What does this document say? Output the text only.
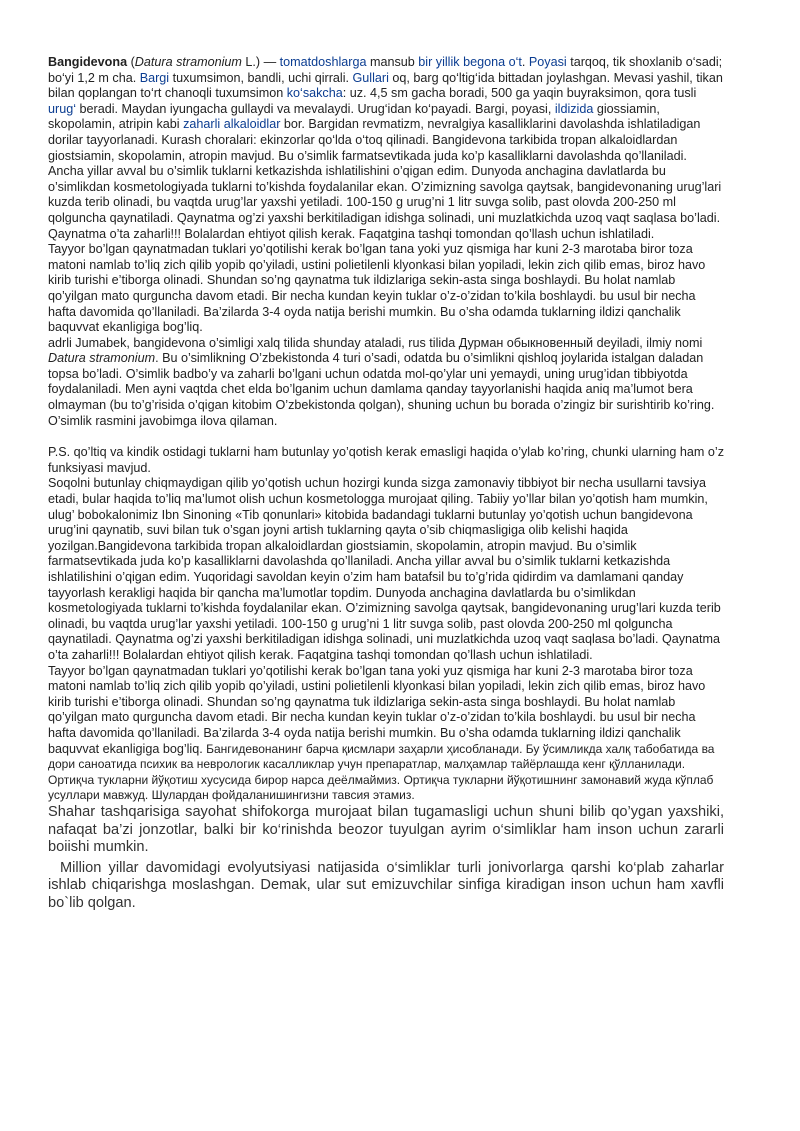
Bangidevona (Datura stramonium L.) — tomatdoshlarga mansub bir yillik begona o‘t. Poyasi tarqoq, tik shoxlanib o‘sadi; bo‘yi 1,2 m cha. Bargi tuxumsimon, bandli, uchi qirrali. Gullari oq, barg qo‘ltig‘ida bittadan joylashgan. Mevasi yashil, tikan bilan qoplangan to‘rt chanoqli tuxumsimon ko‘sakcha: uz. 4,5 sm gacha boradi, 500 ga yaqin buyraksimon, qora tusli urug‘ beradi. Maydan iyungacha gullaydi va mevalaydi. Urug‘idan ko‘payadi. Bargi, poyasi, ildizida giossiamin, skopolamin, atripin kabi zaharli alkaloidlar bor. Bargidan revmatizm, nevralgiya kasalliklarini davolashda ishlatiladigan dorilar tayyorlanadi. Kurash choralari: ekinzorlar qo‘lda o‘toq qilinadi. Bangidevona tarkibida tropan alkaloidlardan giostsiamin, skopolamin, atropin mavjud. Bu o’simlik farmatsevtikada juda ko’p kasalliklarni davolashda qo’llaniladi. Ancha yillar avval bu o’simlik tuklarni ketkazishda ishlatilishini o’qigan edim. Dunyoda anchagina davlatlarda bu o’simlikdan kosmetologiyada tuklarni to’kishda foydalanilar ekan. O’zimizning savolga qaytsak, bangidevonaning urug’lari kuzda terib olinadi, bu vaqtda urug’lar yaxshi yetiladi. 100-150 g urug’ni 1 litr suvga solib, past olovda 200-250 ml qolguncha qaynatiladi. Qaynatma og’zi yaxshi berkitiladigan idishga solinadi, uni muzlatkichda uzoq vaqt saqlasa bo’ladi. Qaynatma o’ta zaharli!!! Bolalardan ehtiyot qilish kerak. Faqatgina tashqi tomondan qo’llash uchun ishlatiladi.

Tayyor bo’lgan qaynatmadan tuklari yo’qotilishi kerak bo’lgan tana yoki yuz qismiga har kuni 2-3 marotaba biror toza matoni namlab to’liq zich qilib yopib qo’yiladi, ustini polietilenli klyonkasi bilan yopiladi, lekin zich qilib emas, biroz havo kirib turishi e’tiborga olinadi. Shundan so’ng qaynatma tuk ildizlariga sekin-asta singa boshlaydi. Bu holat namlab qo’yilgan mato qurguncha davom etadi. Bir necha kundan keyin tuklar o’z-o’zidan to’kila boshlaydi. bu usul bir necha hafta davomida qo’llaniladi. Ba’zilarda 3-4 oyda natija berishi mumkin. Bu o’sha odamda tuklarning ildizi qanchalik baquvvat ekanligiga bog’liq.

adrli Jumabek, bangidevona o’simligi xalq tilida shunday ataladi, rus tilida Дурман обыкновенный deyiladi, ilmiy nomi Datura stramonium. Bu o’simlikning O’zbekistonda 4 turi o’sadi, odatda bu o’simlikni qishloq joylarida istalgan daladan topsa bo’ladi. O’simlik badbo’y va zaharli bo’lgani uchun odatda mol-qo’ylar uni yemaydi, uning urug’idan tibbiyotda foydalaniladi. Men ayni vaqtda chet elda bo’lganim uchun damlama qanday tayyorlanishi haqida aniq ma’lumot bera olmayman (bu to’g’risida o’qigan kitobim O’zbekistonda qolgan), shuning uchun bu borada o’zingiz bir surishtirib ko’ring. O’simlik rasmini javobimga ilova qilaman.

P.S. qo’ltiq va kindik ostidagi tuklarni ham butunlay yo’qotish kerak emasligi haqida o’ylab ko’ring, chunki ularning ham o’z funksiyasi mavjud.

Soqolni butunlay chiqmaydigan qilib yo’qotish uchun hozirgi kunda sizga zamonaviy tibbiyot bir necha usullarni tavsiya etadi, bular haqida to’liq ma’lumot olish uchun kosmetologga murojaat qiling. Tabiiy yo’llar bilan yo’qotish ham mumkin, ulug’ bobokalonimiz Ibn Sinoning «Tib qonunlari» kitobida badandagi tuklarni butunlay yo’qotish uchun bangidevona urug’ini qaynatib, suvi bilan tuk o’sgan joyni artish tuklarning qayta o’sib chiqmasligiga olib kelishi haqida yozilgan.Bangidevona tarkibida tropan alkaloidlardan giostsiamin, skopolamin, atropin mavjud. Bu o’simlik farmatsevtikada juda ko’p kasalliklarni davolashda qo’llaniladi. Ancha yillar avval bu o’simlik tuklarni ketkazishda ishlatilishini o’qigan edim. Yuqoridagi savoldan keyin o’zim ham batafsil bu to’g’rida qidirdim va damlamani qanday tayyorlash kerakligi haqida bir qancha ma’lumotlar topdim. Dunyoda anchagina davlatlarda bu o’simlikdan kosmetologiyada tuklarni to’kishda foydalanilar ekan. O’zimizning savolga qaytsak, bangidevonaning urug’lari kuzda terib olinadi, bu vaqtda urug’lar yaxshi yetiladi. 100-150 g urug’ni 1 litr suvga solib, past olovda 200-250 ml qolguncha qaynatiladi. Qaynatma og’zi yaxshi berkitiladigan idishga solinadi, uni muzlatkichda uzoq vaqt saqlasa bo’ladi. Qaynatma o’ta zaharli!!! Bolalardan ehtiyot qilish kerak. Faqatgina tashqi tomondan qo’llash uchun ishlatiladi.

Tayyor bo’lgan qaynatmadan tuklari yo’qotilishi kerak bo’lgan tana yoki yuz qismiga har kuni 2-3 marotaba biror toza matoni namlab to’liq zich qilib yopib qo’yiladi, ustini polietilenli klyonkasi bilan yopiladi, lekin zich qilib emas, biroz havo kirib turishi e’tiborga olinadi. Shundan so’ng qaynatma tuk ildizlariga sekin-asta singa boshlaydi. Bu holat namlab qo’yilgan mato qurguncha davom etadi. Bir necha kundan keyin tuklar o’z-o’zidan to’kila boshlaydi. bu usul bir necha hafta davomida qo’llaniladi. Ba’zilarda 3-4 oyda natija berishi mumkin. Bu o’sha odamda tuklarning ildizi qanchalik baquvvat ekanligiga bog’liq. Бангидевонанинг барча қисмлари заҳарли ҳисобланади. Бу ўсимликда халқ табобатида ва дори саноатида психик ва неврологик касалликлар учун препаратлар, малҳамлар тайёрлашда кенг қўлланилади. Ортиқча тукларни йўқотиш хусусида бирор нарса деёлмаймиз. Ортиқча тукларни йўқотишнинг замонавий жуда кўплаб усуллари мавжуд. Шулардан фойдаланишингизни тавсия этамиз.

Shahar tashqarisiga sayohat shifokorga murojaat bilan tugamasligi uchun shuni bilib qo’ygan yaxshiki, nafaqat ba’zi jonzotlar, balki bir ko‘rinishda beozor tuyulgan ayrim o‘simliklar ham inson uchun zararli boiishi mumkin.

Million yillar davomidagi evolyutsiyasi natijasida o‘simliklar turli jonivorlarga qarshi ko‘plab zaharlar ishlab chiqarishga moslashgan. Demak, ular sut emizuvchilar sinfiga kiradigan inson uchun ham xavfli bo`lib qolgan.
